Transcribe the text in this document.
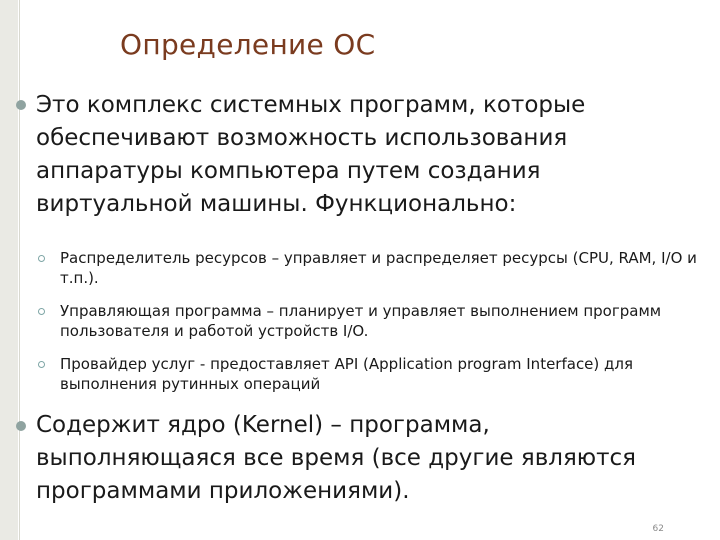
Определение ОС
Это комплекс системных программ, которые обеспечивают возможность использования аппаратуры компьютера путем создания виртуальной машины. Функционально:
Распределитель ресурсов – управляет и распределяет ресурсы (CPU, RAM, I/O и т.п.).
Управляющая программа – планирует и управляет выполнением программ пользователя и работой устройств I/O.
Провайдер услуг - предоставляет API (Application program Interface) для выполнения рутинных операций
Содержит ядро (Kernel) – программа, выполняющаяся все время (все другие являются программами приложениями).
62
